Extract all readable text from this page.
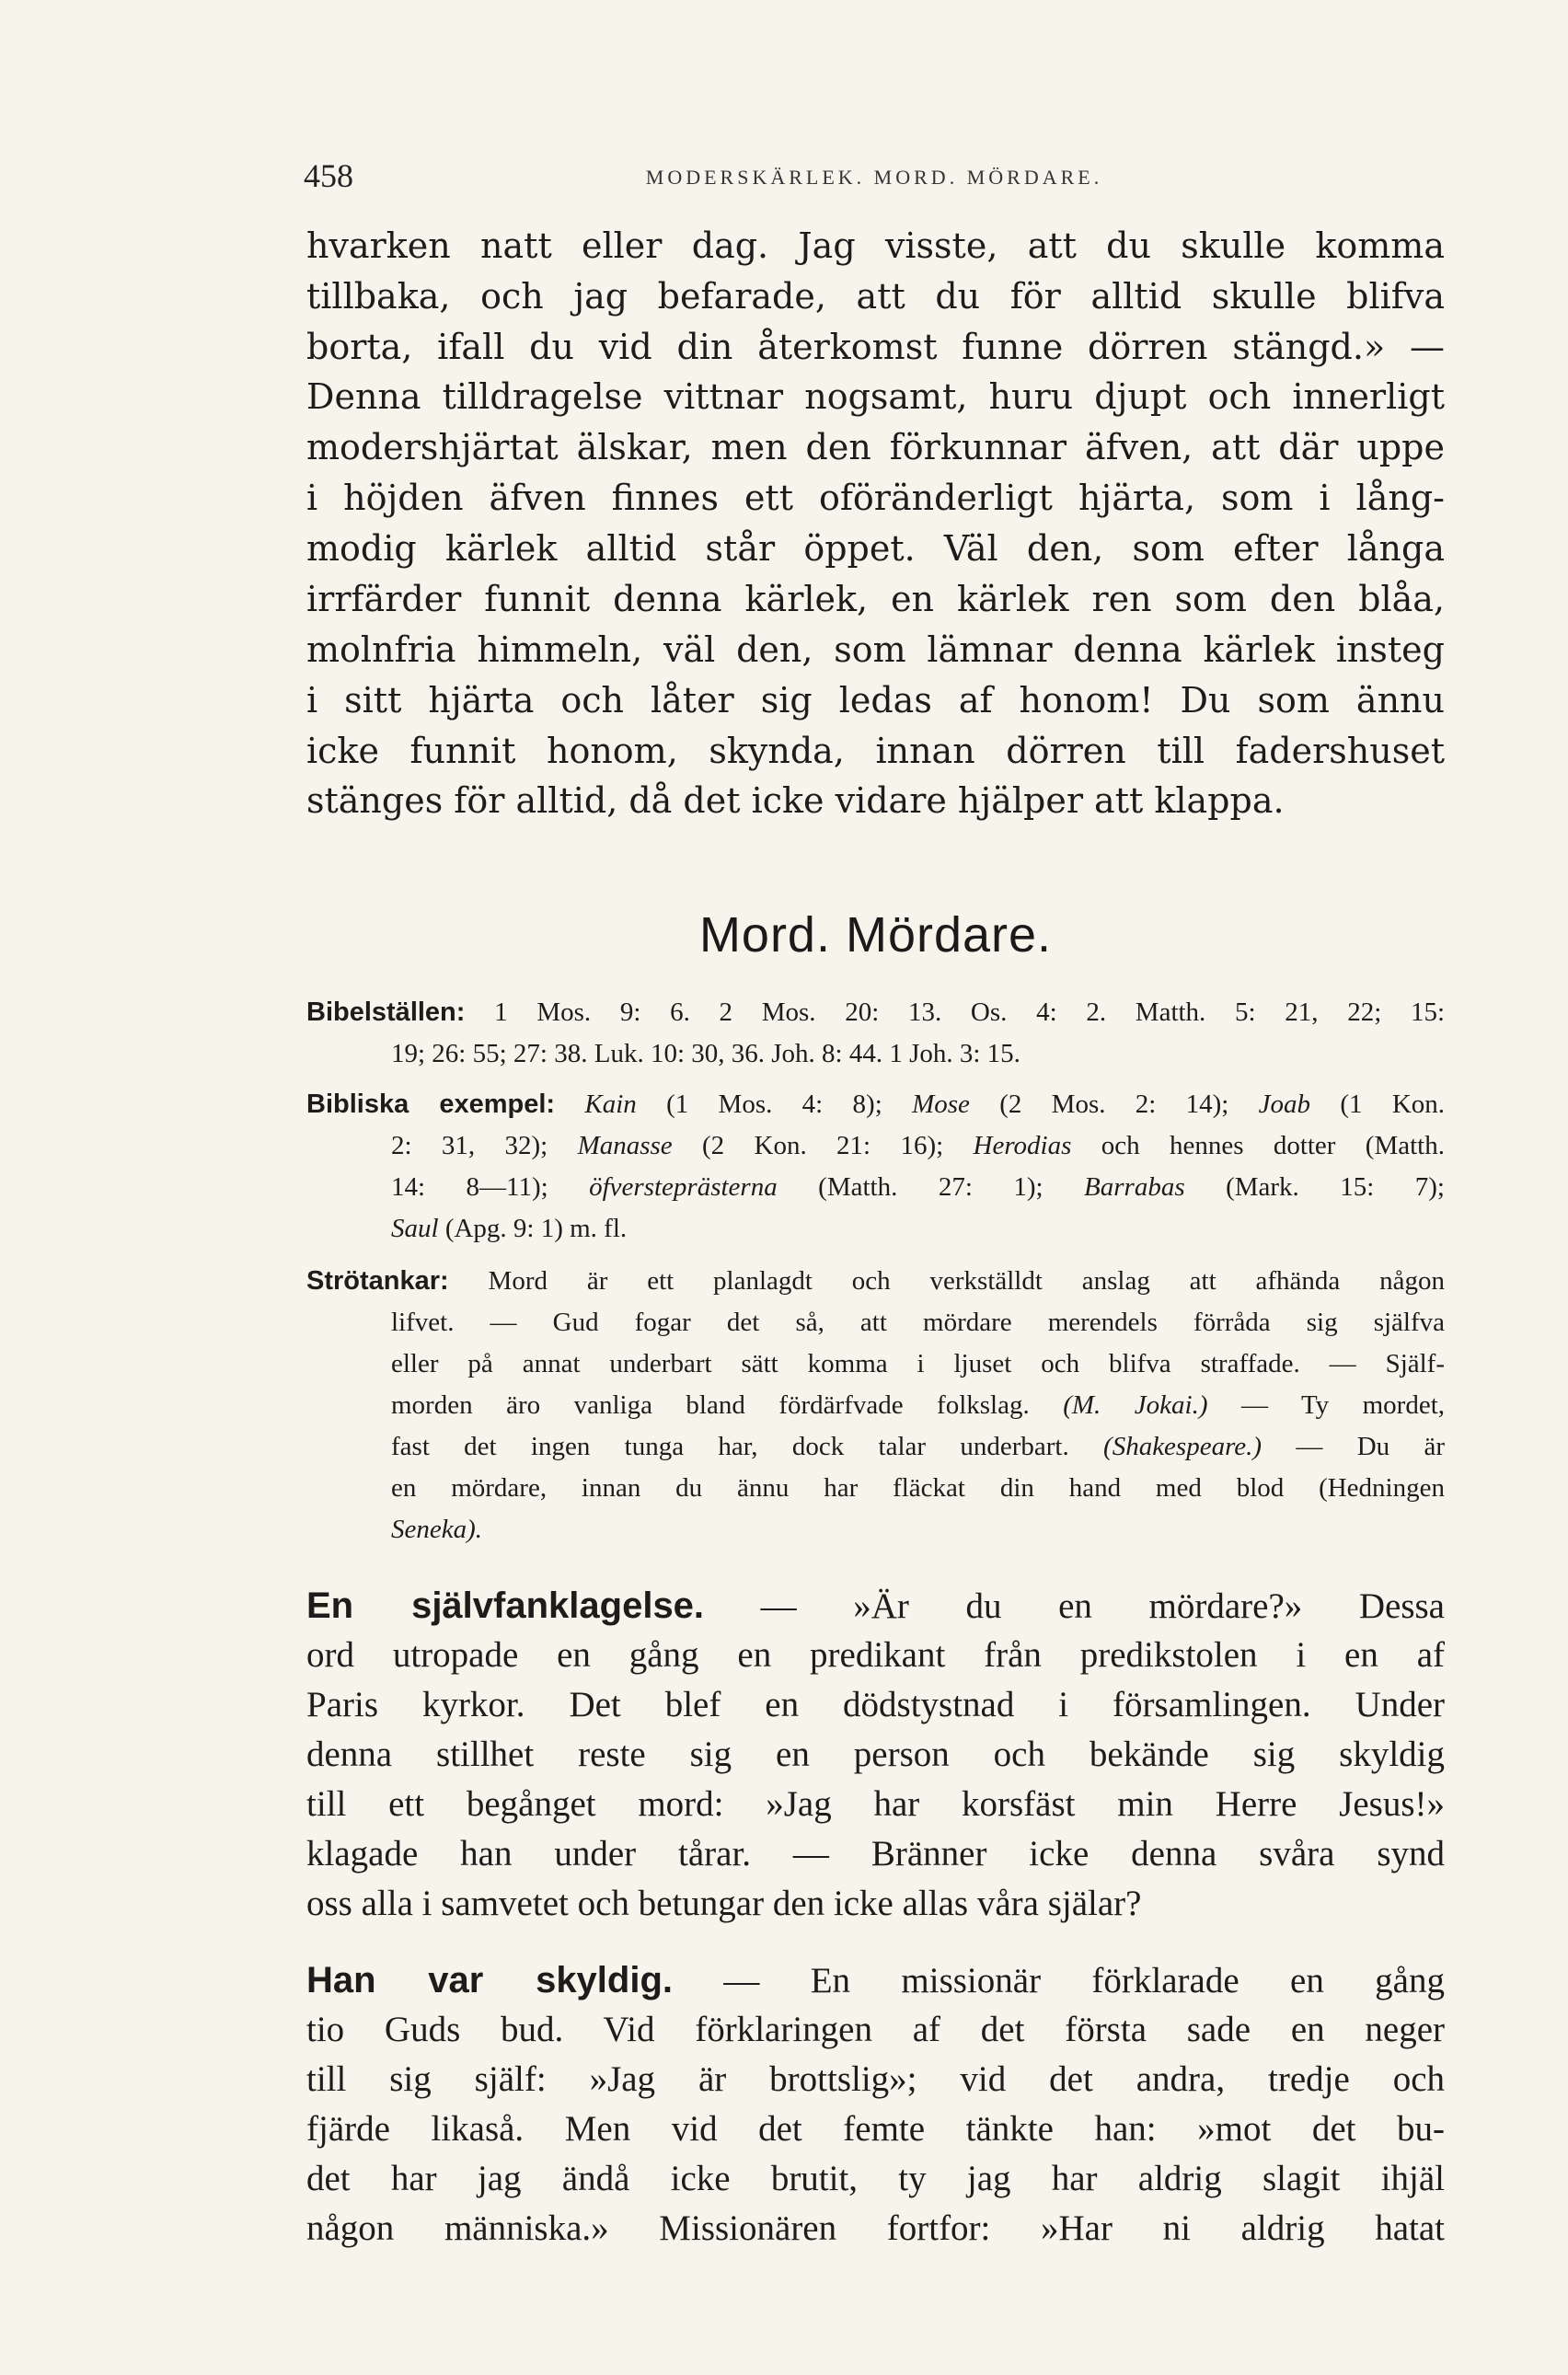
458	MODERSKÄRLEK. MORD. MÖRDARE.
hvarken natt eller dag. Jag visste, att du skulle komma
tillbaka, och jag befarade, att du för alltid skulle blifva
borta, ifall du vid din återkomst funne dörren stängd.» —
Denna tilldragelse vittnar nogsamt, huru djupt och innerligt
modershjärtat älskar, men den förkunnar äfven, att där uppe
i höjden äfven finnes ett oföränderligt hjärta, som i lång-
modig kärlek alltid står öppet. Väl den, som efter långa
irrfärder funnit denna kärlek, en kärlek ren som den blåa,
molnfria himmeln, väl den, som lämnar denna kärlek insteg
i sitt hjärta och låter sig ledas af honom! Du som ännu
icke funnit honom, skynda, innan dörren till fadershuset
stänges för alltid, då det icke vidare hjälper att klappa.
Mord. Mördare.
Bibelställen: 1 Mos. 9: 6. 2 Mos. 20: 13. Os. 4: 2. Matth. 5: 21, 22; 15:
19; 26: 55; 27: 38. Luk. 10: 30, 36. Joh. 8: 44. 1 Joh. 3: 15.
Bibliska exempel: Kain (1 Mos. 4: 8); Mose (2 Mos. 2: 14); Joab (1 Kon.
2: 31, 32); Manasse (2 Kon. 21: 16); Herodias och hennes dotter (Matth.
14: 8—11); öfversteprästerna (Matth. 27: 1); Barrabas (Mark. 15: 7);
Saul (Apg. 9: 1) m. fl.
Strötankar: Mord är ett planlagdt och verkställdt anslag att afhända någon
lifvet. — Gud fogar det så, att mördare merendels förråda sig själfva
eller på annat underbart sätt komma i ljuset och blifva straffade. — Själf-
morden äro vanliga bland fördärfvade folkslag. (M. Jokai.) — Ty mordet,
fast det ingen tunga har, dock talar underbart. (Shakespeare.) — Du är
en mördare, innan du ännu har fläckat din hand med blod (Hedningen
Seneka).
En självfanklagelse. — »Är du en mördare?» Dessa
ord utropade en gång en predikant från predikstolen i en af
Paris kyrkor. Det blef en dödstystnad i församlingen. Under
denna stillhet reste sig en person och bekände sig skyldig
till ett begånget mord: »Jag har korsfäst min Herre Jesus!»
klagade han under tårar. — Bränner icke denna svåra synd
oss alla i samvetet och betungar den icke allas våra själar?
Han var skyldig. — En missionär förklarade en gång
tio Guds bud. Vid förklaringen af det första sade en neger
till sig själf: »Jag är brottslig»; vid det andra, tredje och
fjärde likaså. Men vid det femte tänkte han: »mot det bu-
det har jag ändå icke brutit, ty jag har aldrig slagit ihjäl
någon människa.» Missionären fortfor: »Har ni aldrig hatat
